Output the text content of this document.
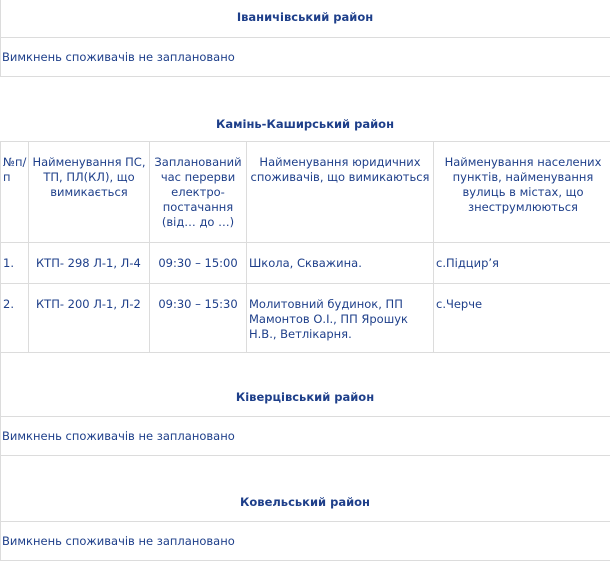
Іваничівський район
Вимкнень споживачів не заплановано
Камінь-Каширський район
№п/п	Найменування ПС, ТП, ПЛ(КЛ), що вимикається	Запланований час перерви електро-постачання (від… до …)	Найменування юридичних споживачів, що вимикаються	Найменування населених пунктів, найменування вулиць в містах, що знеструмлюються
1.	КТП- 298 Л-1, Л-4	09:30 – 15:00	Школа, Скважина.	с.Підцир’я
2.	КТП- 200 Л-1, Л-2	09:30 – 15:30	Молитовний будинок, ПП Мамонтов О.І., ПП Ярошук Н.В., Ветлікарня.	с.Черче
Ківерцівський район
Вимкнень споживачів не заплановано
Ковельський район
Вимкнень споживачів не заплановано
